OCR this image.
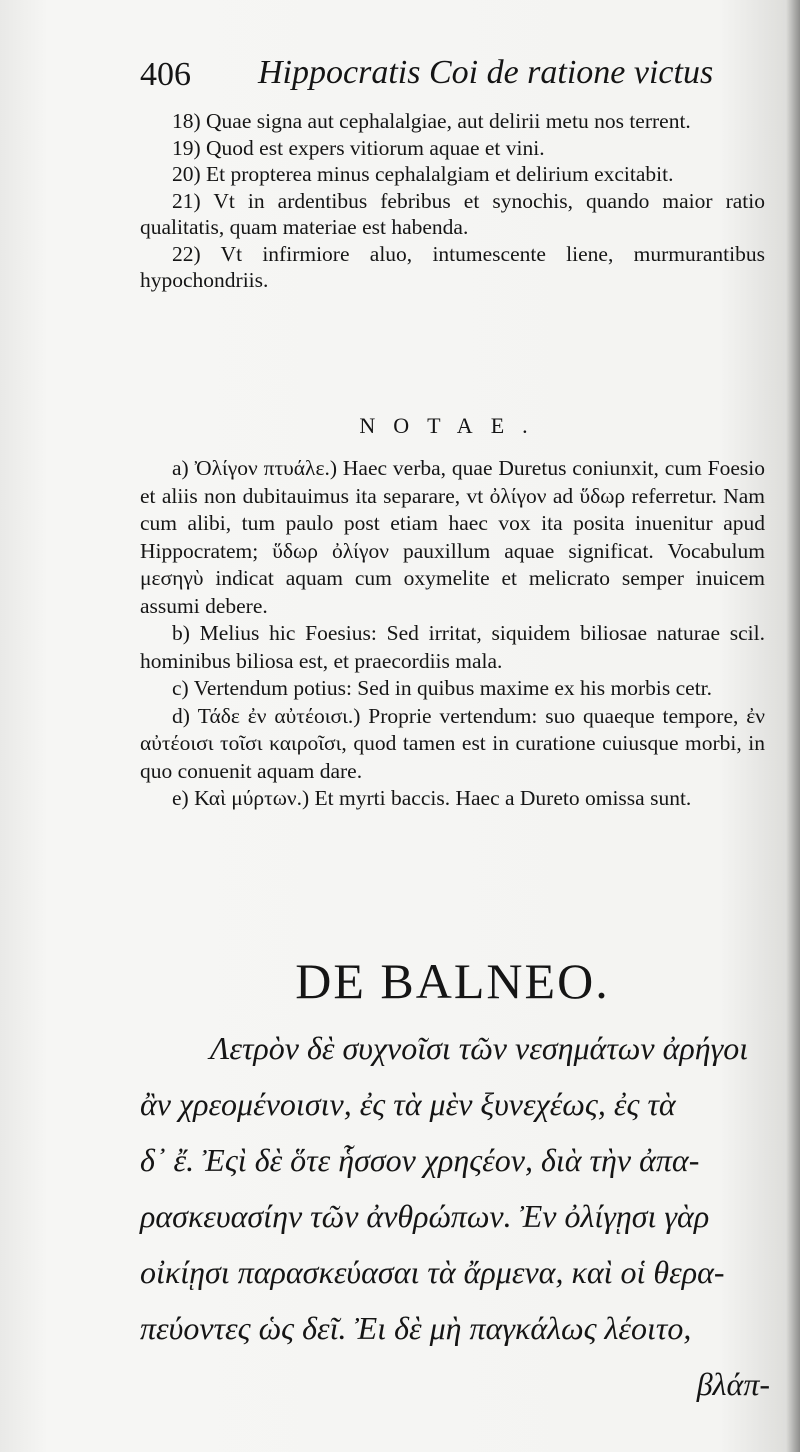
406 Hippocratis Coi de ratione victus

18) Quae signa aut cephalalgiae, aut delirii metu nos terrent.

19) Quod est expers vitiorum aquae et vini.

20) Et propterea minus cephalalgiam et delirium excitabit.

21) Vt in ardentibus febribus et synochis, quando maior ratio qualitatis, quam materiae est habenda.

22) Vt infirmiore aluo, intumescente liene, murmurantibus hypochondriis.

NOTAE.

a) Ὀλίγον πτυάλε.) Haec verba, quae Duretus coniunxit, cum Foesio et aliis non dubitauimus ita separare, vt ὀλίγον ad ὕδωρ referretur. Nam cum alibi, tum paulo post etiam haec vox ita posita inuenitur apud Hippocratem; ὕδωρ ὀλίγον pauxillum aquae significat. Vocabulum μεσηγὺ indicat aquam cum oxymelite et melicrato semper inuicem assumi debere.

b) Melius hic Foesius: Sed irritat, siquidem biliosae naturae scil. hominibus biliosa est, et praecordiis mala.

c) Vertendum potius: Sed in quibus maxime ex his morbis cetr.

d) Τάδε ἐν αὐτέοισι.) Proprie vertendum: suo quaeque tempore, ἐν αὐτέοισι τοῖσι καιροῖσι, quod tamen est in curatione cuiusque morbi, in quo conuenit aquam dare.

e) Καὶ μύρτων.) Et myrti baccis. Haec a Dureto omissa sunt.

DE BALNEO.
Λετρὸν δὲ συχνοῖσι τῶν νεσημάτων ἀρήγοι
ἂν χρεομένοισιν, ἐς τὰ μὲν ξυνεχέως, ἐς τὰ
δ᾽ ἔ. Ἐςὶ δὲ ὅτε ἧσσον χρηςέον, διὰ τὴν ἀπα-
ρασκευασίην τῶν ἀνθρώπων. Ἐν ὀλίγῃσι γὰρ
οἰκίῃσι παρασκεύασαι τὰ ἄρμενα, καὶ οἱ θερα-
πεύοντες ὡς δεῖ. Ἐι δὲ μὴ παγκάλως λέοιτο,
βλάπ-
